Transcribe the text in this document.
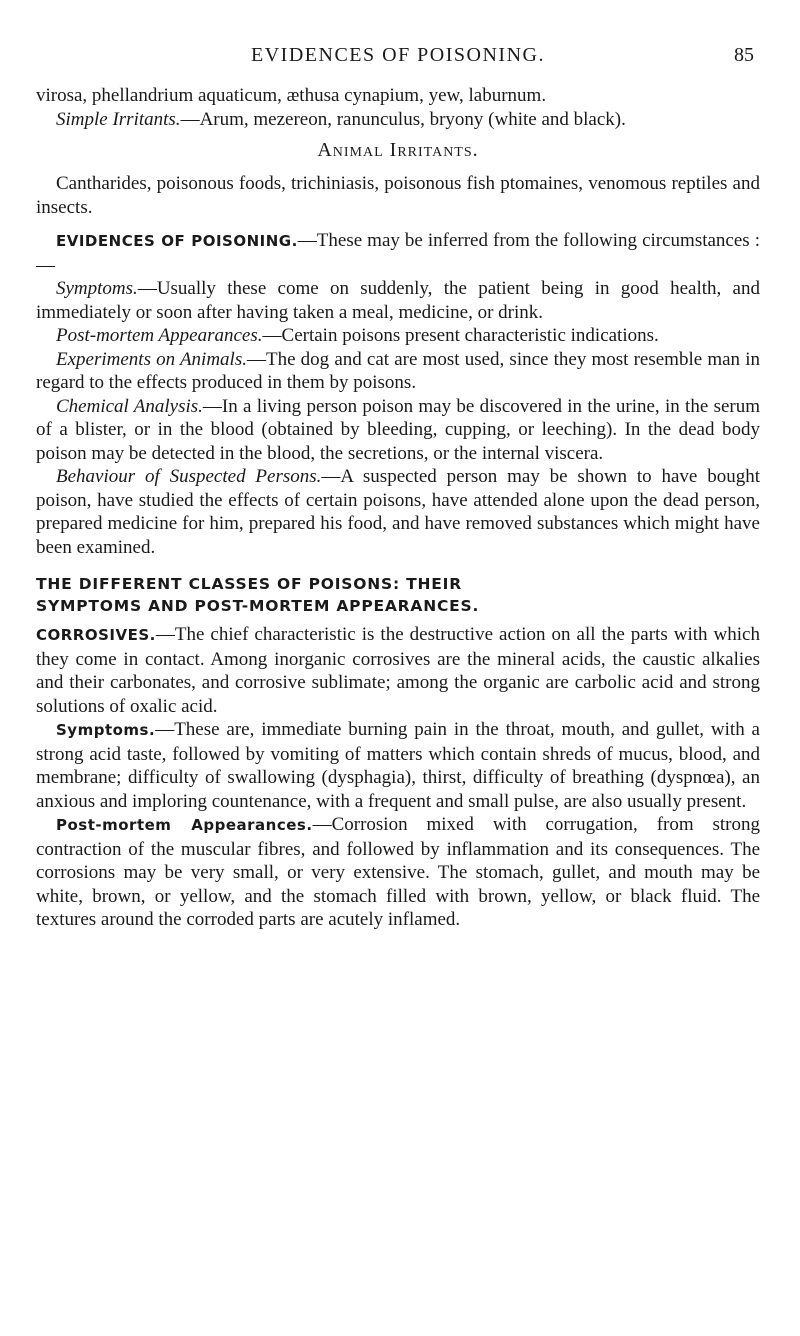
EVIDENCES OF POISONING.	85

virosa, phellandrium aquaticum, æthusa cynapium, yew, laburnum.

Simple Irritants.—Arum, mezereon, ranunculus, bryony (white and black).

Animal Irritants.

Cantharides, poisonous foods, trichiniasis, poisonous fish ptomaines, venomous reptiles and insects.

EVIDENCES OF POISONING.—These may be inferred from the following circumstances :—

Symptoms.—Usually these come on suddenly, the patient being in good health, and immediately or soon after having taken a meal, medicine, or drink.

Post-mortem Appearances.—Certain poisons present characteristic indications.

Experiments on Animals.—The dog and cat are most used, since they most resemble man in regard to the effects produced in them by poisons.

Chemical Analysis.—In a living person poison may be discovered in the urine, in the serum of a blister, or in the blood (obtained by bleeding, cupping, or leeching). In the dead body poison may be detected in the blood, the secretions, or the internal viscera.

Behaviour of Suspected Persons.—A suspected person may be shown to have bought poison, have studied the effects of certain poisons, have attended alone upon the dead person, prepared medicine for him, prepared his food, and have removed substances which might have been examined.

THE DIFFERENT CLASSES OF POISONS: THEIR
SYMPTOMS AND POST-MORTEM APPEARANCES.

CORROSIVES.—The chief characteristic is the destructive action on all the parts with which they come in contact. Among inorganic corrosives are the mineral acids, the caustic alkalies and their carbonates, and corrosive sublimate; among the organic are carbolic acid and strong solutions of oxalic acid.

Symptoms.—These are, immediate burning pain in the throat, mouth, and gullet, with a strong acid taste, followed by vomiting of matters which contain shreds of mucus, blood, and membrane; difficulty of swallowing (dysphagia), thirst, difficulty of breathing (dyspnœa), an anxious and imploring countenance, with a frequent and small pulse, are also usually present.

Post-mortem Appearances.—Corrosion mixed with corrugation, from strong contraction of the muscular fibres, and followed by inflammation and its consequences. The corrosions may be very small, or very extensive. The stomach, gullet, and mouth may be white, brown, or yellow, and the stomach filled with brown, yellow, or black fluid. The textures around the corroded parts are acutely inflamed.
